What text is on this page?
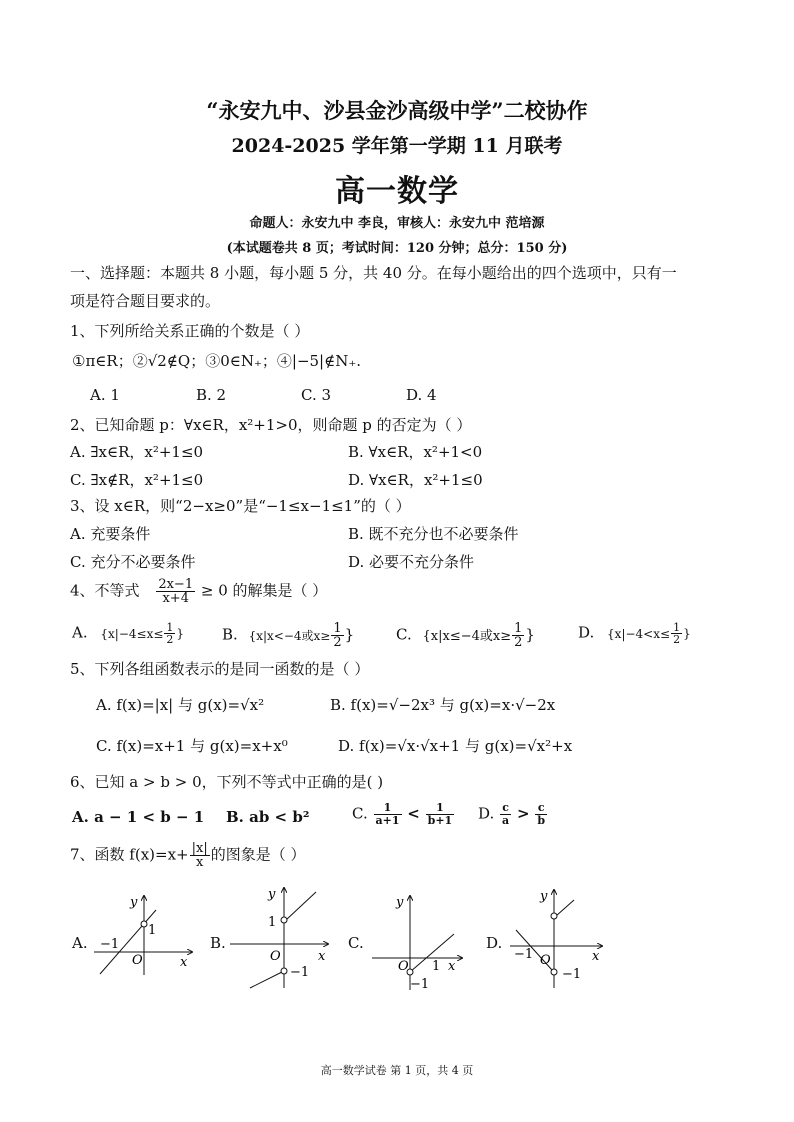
“永安九中、沙县金沙高级中学”二校协作
2024-2025 学年第一学期 11 月联考
高一数学
命题人：永安九中 李良，审核人：永安九中 范培源
(本试题卷共 8 页；考试时间：120 分钟；总分：150 分)
一、选择题：本题共 8 小题，每小题 5 分，共 40 分。在每小题给出的四个选项中，只有一
项是符合题目要求的。
1、下列所给关系正确的个数是（ ）
①π∈R；②√2∉Q；③0∈N₊；④|−5|∉N₊.
A. 1	B. 2	C. 3	D. 4
2、已知命题 p：∀x∈R，x²+1>0，则命题 p 的否定为（ ）
A. ∃x∈R，x²+1≤0	B. ∀x∈R，x²+1<0
C. ∃x∉R，x²+1≤0	D. ∀x∈R，x²+1≤0
3、设 x∈R，则“2−x≥0”是“−1≤x−1≤1”的（ ）
A. 充要条件	B. 既不充分也不必要条件
C. 充分不必要条件	D. 必要不充分条件
4、不等式 $\frac{2x-1}{x+4} \ge 0$ 的解集是（ ）
A. {$x|-4\le x\le \frac{1}{2}$ }	B. {x|x<−4或$x\ge \frac{1}{2}$ }	C. {x|x≤−4或$x\ge \frac{1}{2}$ }	D. {$x|-4<x\le \frac{1}{2}$ }
5、下列各组函数表示的是同一函数的是（ ）
A. f(x)=|x| 与 g(x)=√x²	B. f(x)=√−2x³ 与 g(x)=x·√−2x
C. f(x)=x+1 与 g(x)=x+x⁰	D. f(x)=√x·√x+1 与 g(x)=√x²+x
6、已知 a > b > 0，下列不等式中正确的是( )
A. a − 1 < b − 1 B. ab < b²	C. $\frac{1}{a+1} < \frac{1}{b+1} D$. $\frac{c}{a} > \frac{c}{b}$
7、函数 $f(x)=x+ \frac{|x|}{x}$ 的图象是（ ）
A.
x
y
O
−1
1
B.
x
y
O
1
−1
C.
x
y
O 1
−1
D.
x
y
O
−1
−1
高一数学试卷 第 1 页，共 4 页
